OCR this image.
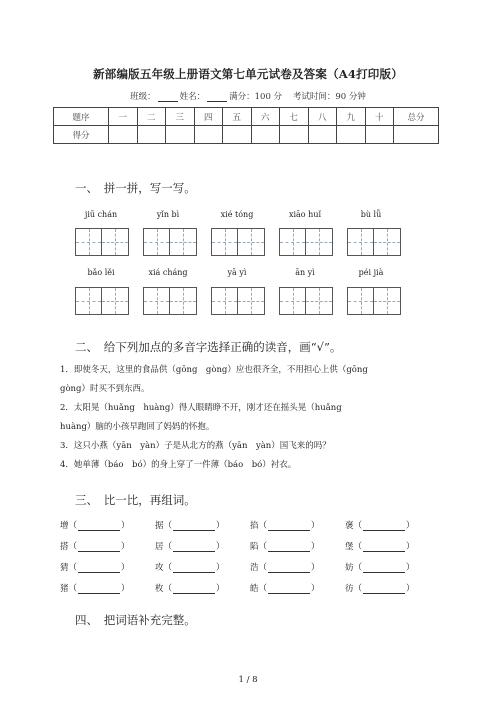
新部编版五年级上册语文第七单元试卷及答案（A4打印版）
班级：	姓名：	满分：100 分 考试时间：90 分钟
题序	一	二	三	四	五	六	七	八	九	十	总分
得分											
一、　拼一拼，写一写。
jiū chán	yǐn bì	xié tóng	xiāo huǐ	bù lǚ
bǎo lěi	xiá cháng	yā yì	ān yì	péi jià
二、　给下列加点的多音字选择正确的读音，画“√”。
1．即使冬天，这里的食品供（gōng　gòng）应也很齐全，不用担心上供（gōng
gòng）时买不到东西。
2．太阳晃（huǎng　huàng）得人眼睛睁不开，刚才还在摇头晃（huǎng
huàng）脑的小孩早跑回了妈妈的怀抱。
3．这只小燕（yān　yàn）子是从北方的燕（yān　yàn）国飞来的吗？
4．她单薄（báo　bó）的身上穿了一件薄（báo　bó）衬衣。
三、　比一比，再组词。
增（	）	据（	）	掐（	）	褒（	）
搭（	）	居（	）	陷（	）	堡（	）
猜（	）	攻（	）	浩（	）	妨（	）
猪（	）	枚（	）	皓（	）	彷（	）
四、　把词语补充完整。
1 / 8
